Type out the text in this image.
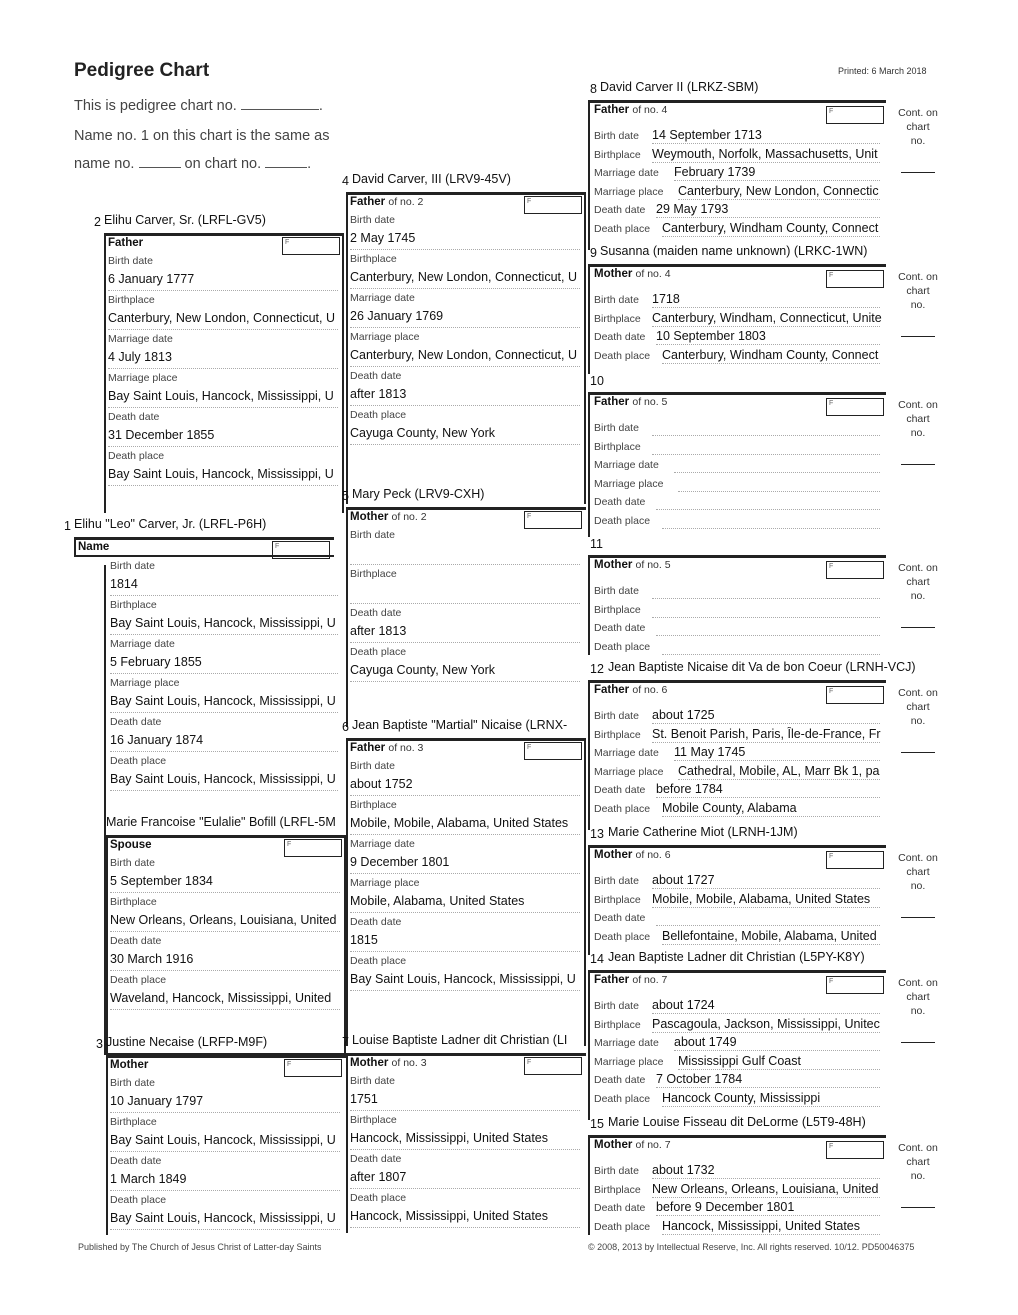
Pedigree Chart	Printed: 6 March 2018
This is pedigree chart no.	.
Name no. 1 on this chart is the same as
name no.	on chart no.	.
Elihu Carver, Sr. (LRFL-GV5)
2
Father	F
Birth date
6 January 1777
Birthplace
Canterbury, New London, Connecticut, U
Marriage date
4 July 1813
Marriage place
Bay Saint Louis, Hancock, Mississippi, U
Death date
31 December 1855
Death place
Bay Saint Louis, Hancock, Mississippi, U
Elihu "Leo" Carver, Jr. (LRFL-P6H)
1
Name	F
Birth date
1814
Birthplace
Bay Saint Louis, Hancock, Mississippi, U
Marriage date
5 February 1855
Marriage place
Bay Saint Louis, Hancock, Mississippi, U
Death date
16 January 1874
Death place
Bay Saint Louis, Hancock, Mississippi, U
Marie Francoise "Eulalie" Bofill (LRFL-5M
Spouse	F
Birth date
5 September 1834
Birthplace
New Orleans, Orleans, Louisiana, United
Death date
30 March 1916
Death place
Waveland, Hancock, Mississippi, United
Justine Necaise (LRFP-M9F)
3
Mother	F
Birth date
10 January 1797
Birthplace
Bay Saint Louis, Hancock, Mississippi, U
Death date
1 March 1849
Death place
Bay Saint Louis, Hancock, Mississippi, U
David Carver, III (LRV9-45V)
4
Father of no. 2	F
Birth date
2 May 1745
Birthplace
Canterbury, New London, Connecticut, U
Marriage date
26 January 1769
Marriage place
Canterbury, New London, Connecticut, U
Death date
after 1813
Death place
Cayuga County, New York
Mary Peck (LRV9-CXH)
5
Mother of no. 2	F
Birth date
Birthplace
Death date
after 1813
Death place
Cayuga County, New York
Jean Baptiste "Martial" Nicaise (LRNX-
6
Father of no. 3	F
Birth date
about 1752
Birthplace
Mobile, Mobile, Alabama, United States
Marriage date
9 December 1801
Marriage place
Mobile, Alabama, United States
Death date
1815
Death place
Bay Saint Louis, Hancock, Mississippi, U
Louise Baptiste Ladner dit Christian (LI
7
Mother of no. 3	F
Birth date
1751
Birthplace
Hancock, Mississippi, United States
Death date
after 1807
Death place
Hancock, Mississippi, United States
8 David Carver II (LRKZ-SBM)
Father of no. 4	F	Cont. on chart no.
Birth date 14 September 1713
Birthplace Weymouth, Norfolk, Massachusetts, Unit
Marriage date February 1739
Marriage place Canterbury, New London, Connectic
Death date 29 May 1793
Death place Canterbury, Windham County, Connect
9 Susanna (maiden name unknown) (LRKC-1WN)
Mother of no. 4	F	Cont. on chart no.
Birth date 1718
Birthplace Canterbury, Windham, Connecticut, Unite
Death date 10 September 1803
Death place Canterbury, Windham County, Connect
10
Father of no. 5	F	Cont. on chart no.
Birth date
Birthplace
Marriage date
Marriage place
Death date
Death place
11
Mother of no. 5	F	Cont. on chart no.
Birth date
Birthplace
Death date
Death place
12 Jean Baptiste Nicaise dit Va de bon Coeur (LRNH-VCJ)
Father of no. 6	F	Cont. on chart no.
Birth date about 1725
Birthplace St. Benoit Parish, Paris, Île-de-France, Fr
Marriage date 11 May 1745
Marriage place Cathedral, Mobile, AL, Marr Bk 1, pa
Death date before 1784
Death place Mobile County, Alabama
13 Marie Catherine Miot (LRNH-1JM)
Mother of no. 6	F	Cont. on chart no.
Birth date about 1727
Birthplace Mobile, Mobile, Alabama, United States
Death date
Death place Bellefontaine, Mobile, Alabama, United
14 Jean Baptiste Ladner dit Christian (L5PY-K8Y)
Father of no. 7	F	Cont. on chart no.
Birth date about 1724
Birthplace Pascagoula, Jackson, Mississippi, Unitec
Marriage date about 1749
Marriage place Mississippi Gulf Coast
Death date 7 October 1784
Death place Hancock County, Mississippi
15 Marie Louise Fisseau dit DeLorme (L5T9-48H)
Mother of no. 7	F	Cont. on chart no.
Birth date about 1732
Birthplace New Orleans, Orleans, Louisiana, United
Death date before 9 December 1801
Death place Hancock, Mississippi, United States
Published by The Church of Jesus Christ of Latter-day Saints	© 2008, 2013 by Intellectual Reserve, Inc. All rights reserved. 10/12. PD50046375
